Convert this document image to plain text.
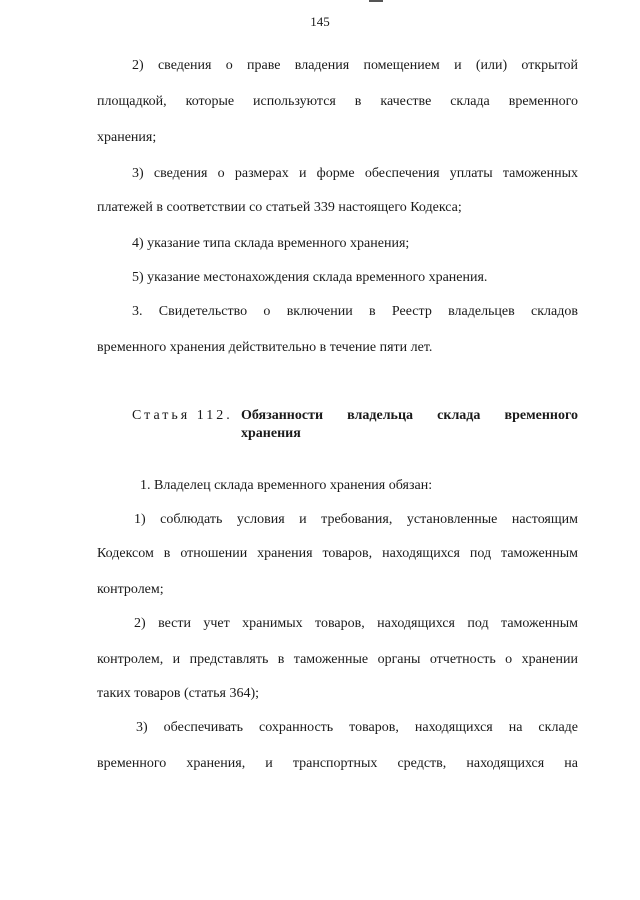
145
2) сведения о праве владения помещением и (или) открытой
площадкой, которые используются в качестве склада временного
хранения;
3) сведения о размерах и форме обеспечения уплаты таможенных
платежей в соответствии со статьей 339 настоящего Кодекса;
4) указание типа склада временного хранения;
5) указание местонахождения склада временного хранения.
3. Свидетельство о включении в Реестр владельцев складов
временного хранения действительно в течение пяти лет.
Статья 112. Обязанности владельца склада временного
хранения
1. Владелец склада временного хранения обязан:
1) соблюдать условия и требования, установленные настоящим
Кодексом в отношении хранения товаров, находящихся под таможенным
контролем;
2) вести учет хранимых товаров, находящихся под таможенным
контролем, и представлять в таможенные органы отчетность о хранении
таких товаров (статья 364);
3) обеспечивать сохранность товаров, находящихся на складе
временного хранения, и транспортных средств, находящихся на
